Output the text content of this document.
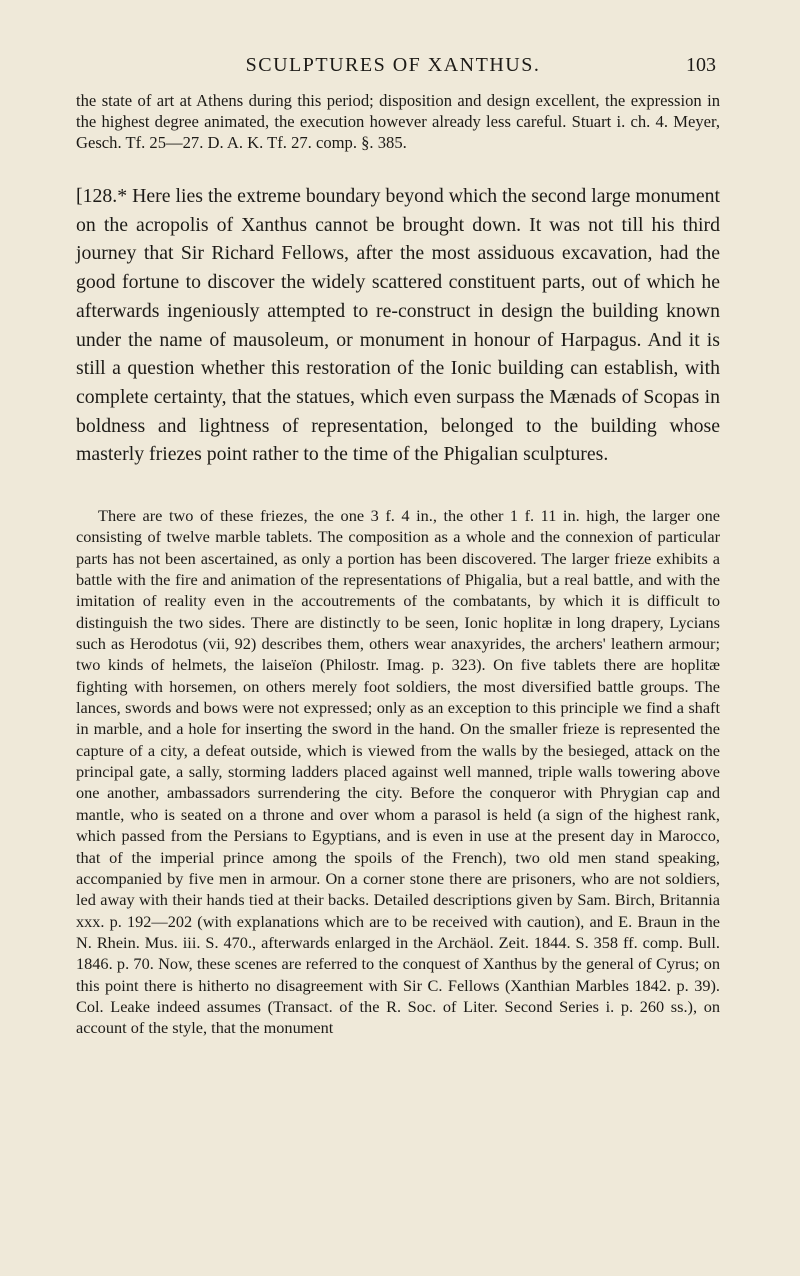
SCULPTURES OF XANTHUS.	103

the state of art at Athens during this period; disposition and design excellent, the expression in the highest degree animated, the execution however already less careful. Stuart i. ch. 4. Meyer, Gesch. Tf. 25—27. D. A. K. Tf. 27. comp. §. 385.

[128.* Here lies the extreme boundary beyond which the second large monument on the acropolis of Xanthus cannot be brought down. It was not till his third journey that Sir Richard Fellows, after the most assiduous excavation, had the good fortune to discover the widely scattered constituent parts, out of which he afterwards ingeniously attempted to re-construct in design the building known under the name of mausoleum, or monument in honour of Harpagus. And it is still a question whether this restoration of the Ionic building can establish, with complete certainty, that the statues, which even surpass the Mænads of Scopas in boldness and lightness of representation, belonged to the building whose masterly friezes point rather to the time of the Phigalian sculptures.

There are two of these friezes, the one 3 f. 4 in., the other 1 f. 11 in. high, the larger one consisting of twelve marble tablets. The composition as a whole and the connexion of particular parts has not been ascertained, as only a portion has been discovered. The larger frieze exhibits a battle with the fire and animation of the representations of Phigalia, but a real battle, and with the imitation of reality even in the accoutrements of the combatants, by which it is difficult to distinguish the two sides. There are distinctly to be seen, Ionic hoplitæ in long drapery, Lycians such as Herodotus (vii, 92) describes them, others wear anaxyrides, the archers' leathern armour; two kinds of helmets, the laiseïon (Philostr. Imag. p. 323). On five tablets there are hoplitæ fighting with horsemen, on others merely foot soldiers, the most diversified battle groups. The lances, swords and bows were not expressed; only as an exception to this principle we find a shaft in marble, and a hole for inserting the sword in the hand. On the smaller frieze is represented the capture of a city, a defeat outside, which is viewed from the walls by the besieged, attack on the principal gate, a sally, storming ladders placed against well manned, triple walls towering above one another, ambassadors surrendering the city. Before the conqueror with Phrygian cap and mantle, who is seated on a throne and over whom a parasol is held (a sign of the highest rank, which passed from the Persians to Egyptians, and is even in use at the present day in Marocco, that of the imperial prince among the spoils of the French), two old men stand speaking, accompanied by five men in armour. On a corner stone there are prisoners, who are not soldiers, led away with their hands tied at their backs. Detailed descriptions given by Sam. Birch, Britannia xxx. p. 192—202 (with explanations which are to be received with caution), and E. Braun in the N. Rhein. Mus. iii. S. 470., afterwards enlarged in the Archäol. Zeit. 1844. S. 358 ff. comp. Bull. 1846. p. 70. Now, these scenes are referred to the conquest of Xanthus by the general of Cyrus; on this point there is hitherto no disagreement with Sir C. Fellows (Xanthian Marbles 1842. p. 39). Col. Leake indeed assumes (Transact. of the R. Soc. of Liter. Second Series i. p. 260 ss.), on account of the style, that the monument
